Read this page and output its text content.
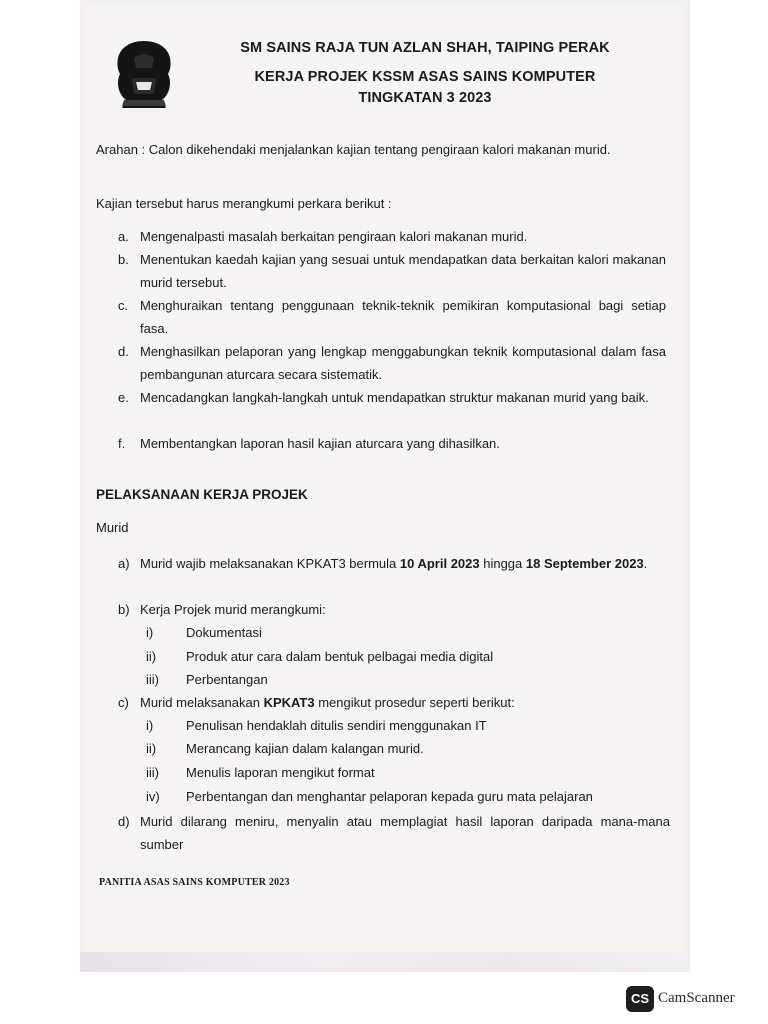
SM SAINS RAJA TUN AZLAN SHAH, TAIPING PERAK
KERJA PROJEK KSSM ASAS SAINS KOMPUTER
TINGKATAN 3 2023
Arahan : Calon dikehendaki menjalankan kajian tentang pengiraan kalori makanan murid.
Kajian tersebut harus merangkumi perkara berikut :
a. Mengenalpasti masalah berkaitan pengiraan kalori makanan murid.
b. Menentukan kaedah kajian yang sesuai untuk mendapatkan data berkaitan kalori makanan murid tersebut.
c. Menghuraikan tentang penggunaan teknik-teknik pemikiran komputasional bagi setiap fasa.
d. Menghasilkan pelaporan yang lengkap menggabungkan teknik komputasional dalam fasa pembangunan aturcara secara sistematik.
e. Mencadangkan langkah-langkah untuk mendapatkan struktur makanan murid yang baik.
f. Membentangkan laporan hasil kajian aturcara yang dihasilkan.
PELAKSANAAN KERJA PROJEK
Murid
a) Murid wajib melaksanakan KPKAT3 bermula 10 April 2023 hingga 18 September 2023.
b) Kerja Projek murid merangkumi:
i)	Dokumentasi
ii) Produk atur cara dalam bentuk pelbagai media digital
iii) Perbentangan
c) Murid melaksanakan KPKAT3 mengikut prosedur seperti berikut:
i)	Penulisan hendaklah ditulis sendiri menggunakan IT
ii) Merancang kajian dalam kalangan murid.
iii) Menulis laporan mengikut format
iv) Perbentangan dan menghantar pelaporan kepada guru mata pelajaran
d) Murid dilarang meniru, menyalin atau memplagiat hasil laporan daripada mana-mana sumber
PANITIA ASAS SAINS KOMPUTER 2023
CS CamScanner
